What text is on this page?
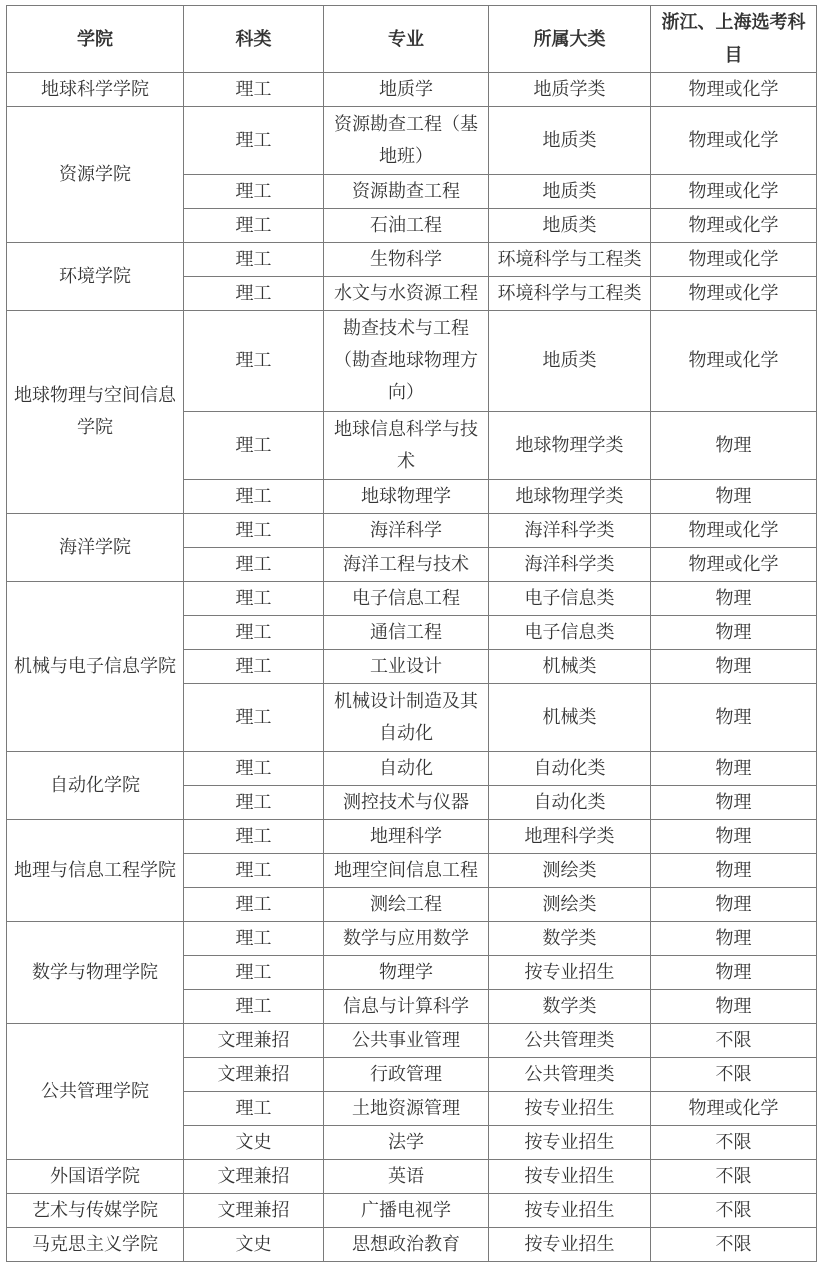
学院	科类	专业	所属大类	浙江、上海选考科目
地球科学学院	理工	地质学	地质学类	物理或化学
资源学院	理工	资源勘查工程（基地班）	地质类	物理或化学
	理工	资源勘查工程	地质类	物理或化学
	理工	石油工程	地质类	物理或化学
环境学院	理工	生物科学	环境科学与工程类	物理或化学
	理工	水文与水资源工程	环境科学与工程类	物理或化学
地球物理与空间信息学院	理工	勘查技术与工程（勘查地球物理方向）	地质类	物理或化学
	理工	地球信息科学与技术	地球物理学类	物理
	理工	地球物理学	地球物理学类	物理
海洋学院	理工	海洋科学	海洋科学类	物理或化学
	理工	海洋工程与技术	海洋科学类	物理或化学
机械与电子信息学院	理工	电子信息工程	电子信息类	物理
	理工	通信工程	电子信息类	物理
	理工	工业设计	机械类	物理
	理工	机械设计制造及其自动化	机械类	物理
自动化学院	理工	自动化	自动化类	物理
	理工	测控技术与仪器	自动化类	物理
地理与信息工程学院	理工	地理科学	地理科学类	物理
	理工	地理空间信息工程	测绘类	物理
	理工	测绘工程	测绘类	物理
数学与物理学院	理工	数学与应用数学	数学类	物理
	理工	物理学	按专业招生	物理
	理工	信息与计算科学	数学类	物理
公共管理学院	文理兼招	公共事业管理	公共管理类	不限
	文理兼招	行政管理	公共管理类	不限
	理工	土地资源管理	按专业招生	物理或化学
	文史	法学	按专业招生	不限
外国语学院	文理兼招	英语	按专业招生	不限
艺术与传媒学院	文理兼招	广播电视学	按专业招生	不限
马克思主义学院	文史	思想政治教育	按专业招生	不限
